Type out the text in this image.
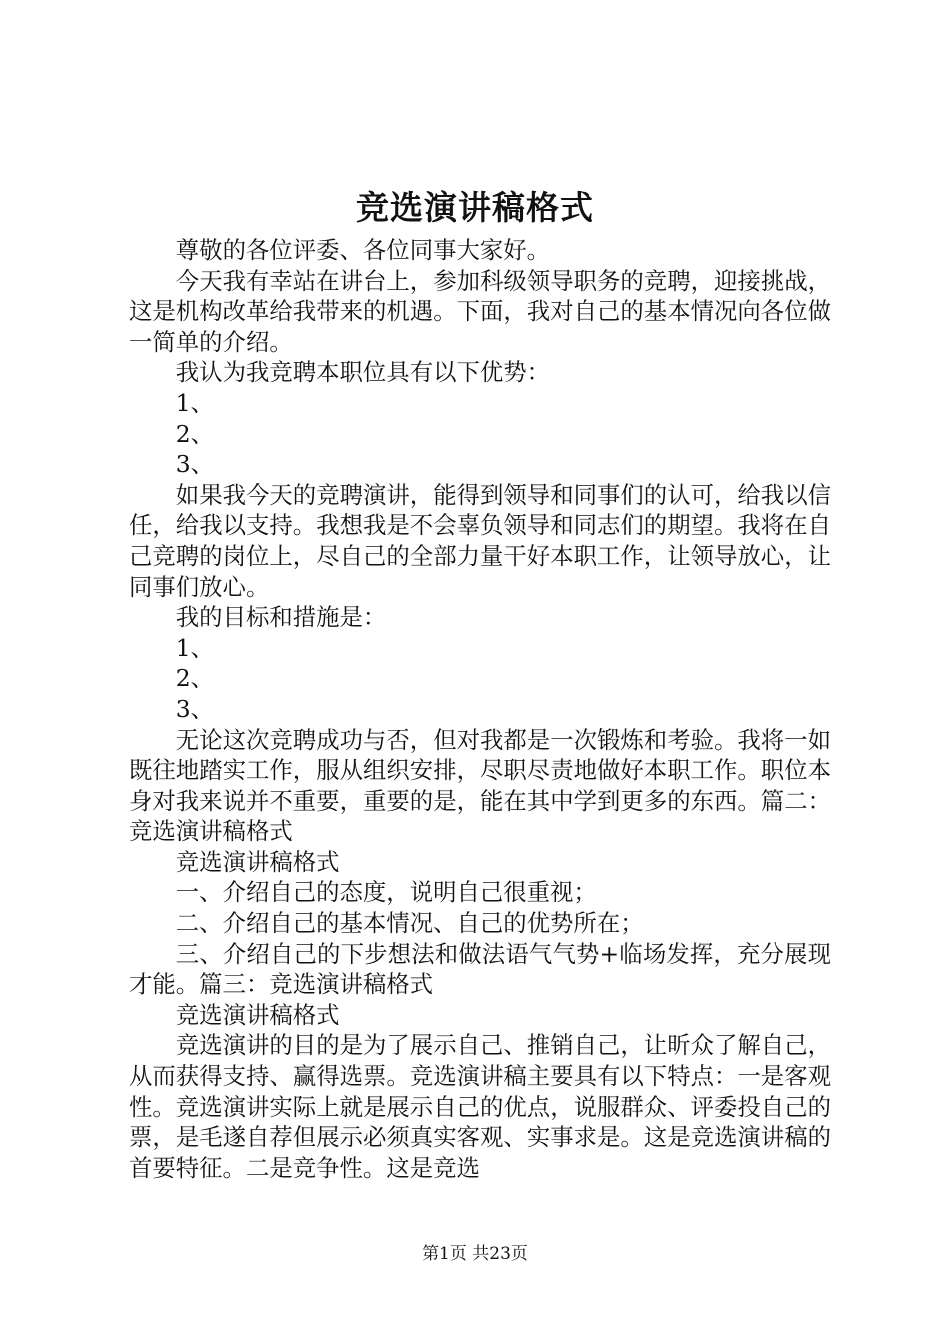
竞选演讲稿格式

尊敬的各位评委、各位同事大家好。

今天我有幸站在讲台上，参加科级领导职务的竞聘，迎接挑战，这是机构改革给我带来的机遇。下面，我对自己的基本情况向各位做一简单的介绍。

我认为我竞聘本职位具有以下优势：

1、

2、

3、

如果我今天的竞聘演讲，能得到领导和同事们的认可，给我以信任，给我以支持。我想我是不会辜负领导和同志们的期望。我将在自己竞聘的岗位上，尽自己的全部力量干好本职工作，让领导放心，让同事们放心。

我的目标和措施是：

1、

2、

3、

无论这次竞聘成功与否，但对我都是一次锻炼和考验。我将一如既往地踏实工作，服从组织安排，尽职尽责地做好本职工作。职位本身对我来说并不重要，重要的是，能在其中学到更多的东西。篇二：竞选演讲稿格式

竞选演讲稿格式

一、介绍自己的态度，说明自己很重视；

二、介绍自己的基本情况、自己的优势所在；

三、介绍自己的下步想法和做法语气气势+临场发挥，充分展现才能。篇三：竞选演讲稿格式

竞选演讲稿格式

竞选演讲的目的是为了展示自己、推销自己，让昕众了解自己，从而获得支持、赢得选票。竞选演讲稿主要具有以下特点：一是客观性。竞选演讲实际上就是展示自己的优点，说服群众、评委投自己的票，是毛遂自荐但展示必须真实客观、实事求是。这是竞选演讲稿的首要特征。二是竞争性。这是竞选

第1页 共23页
